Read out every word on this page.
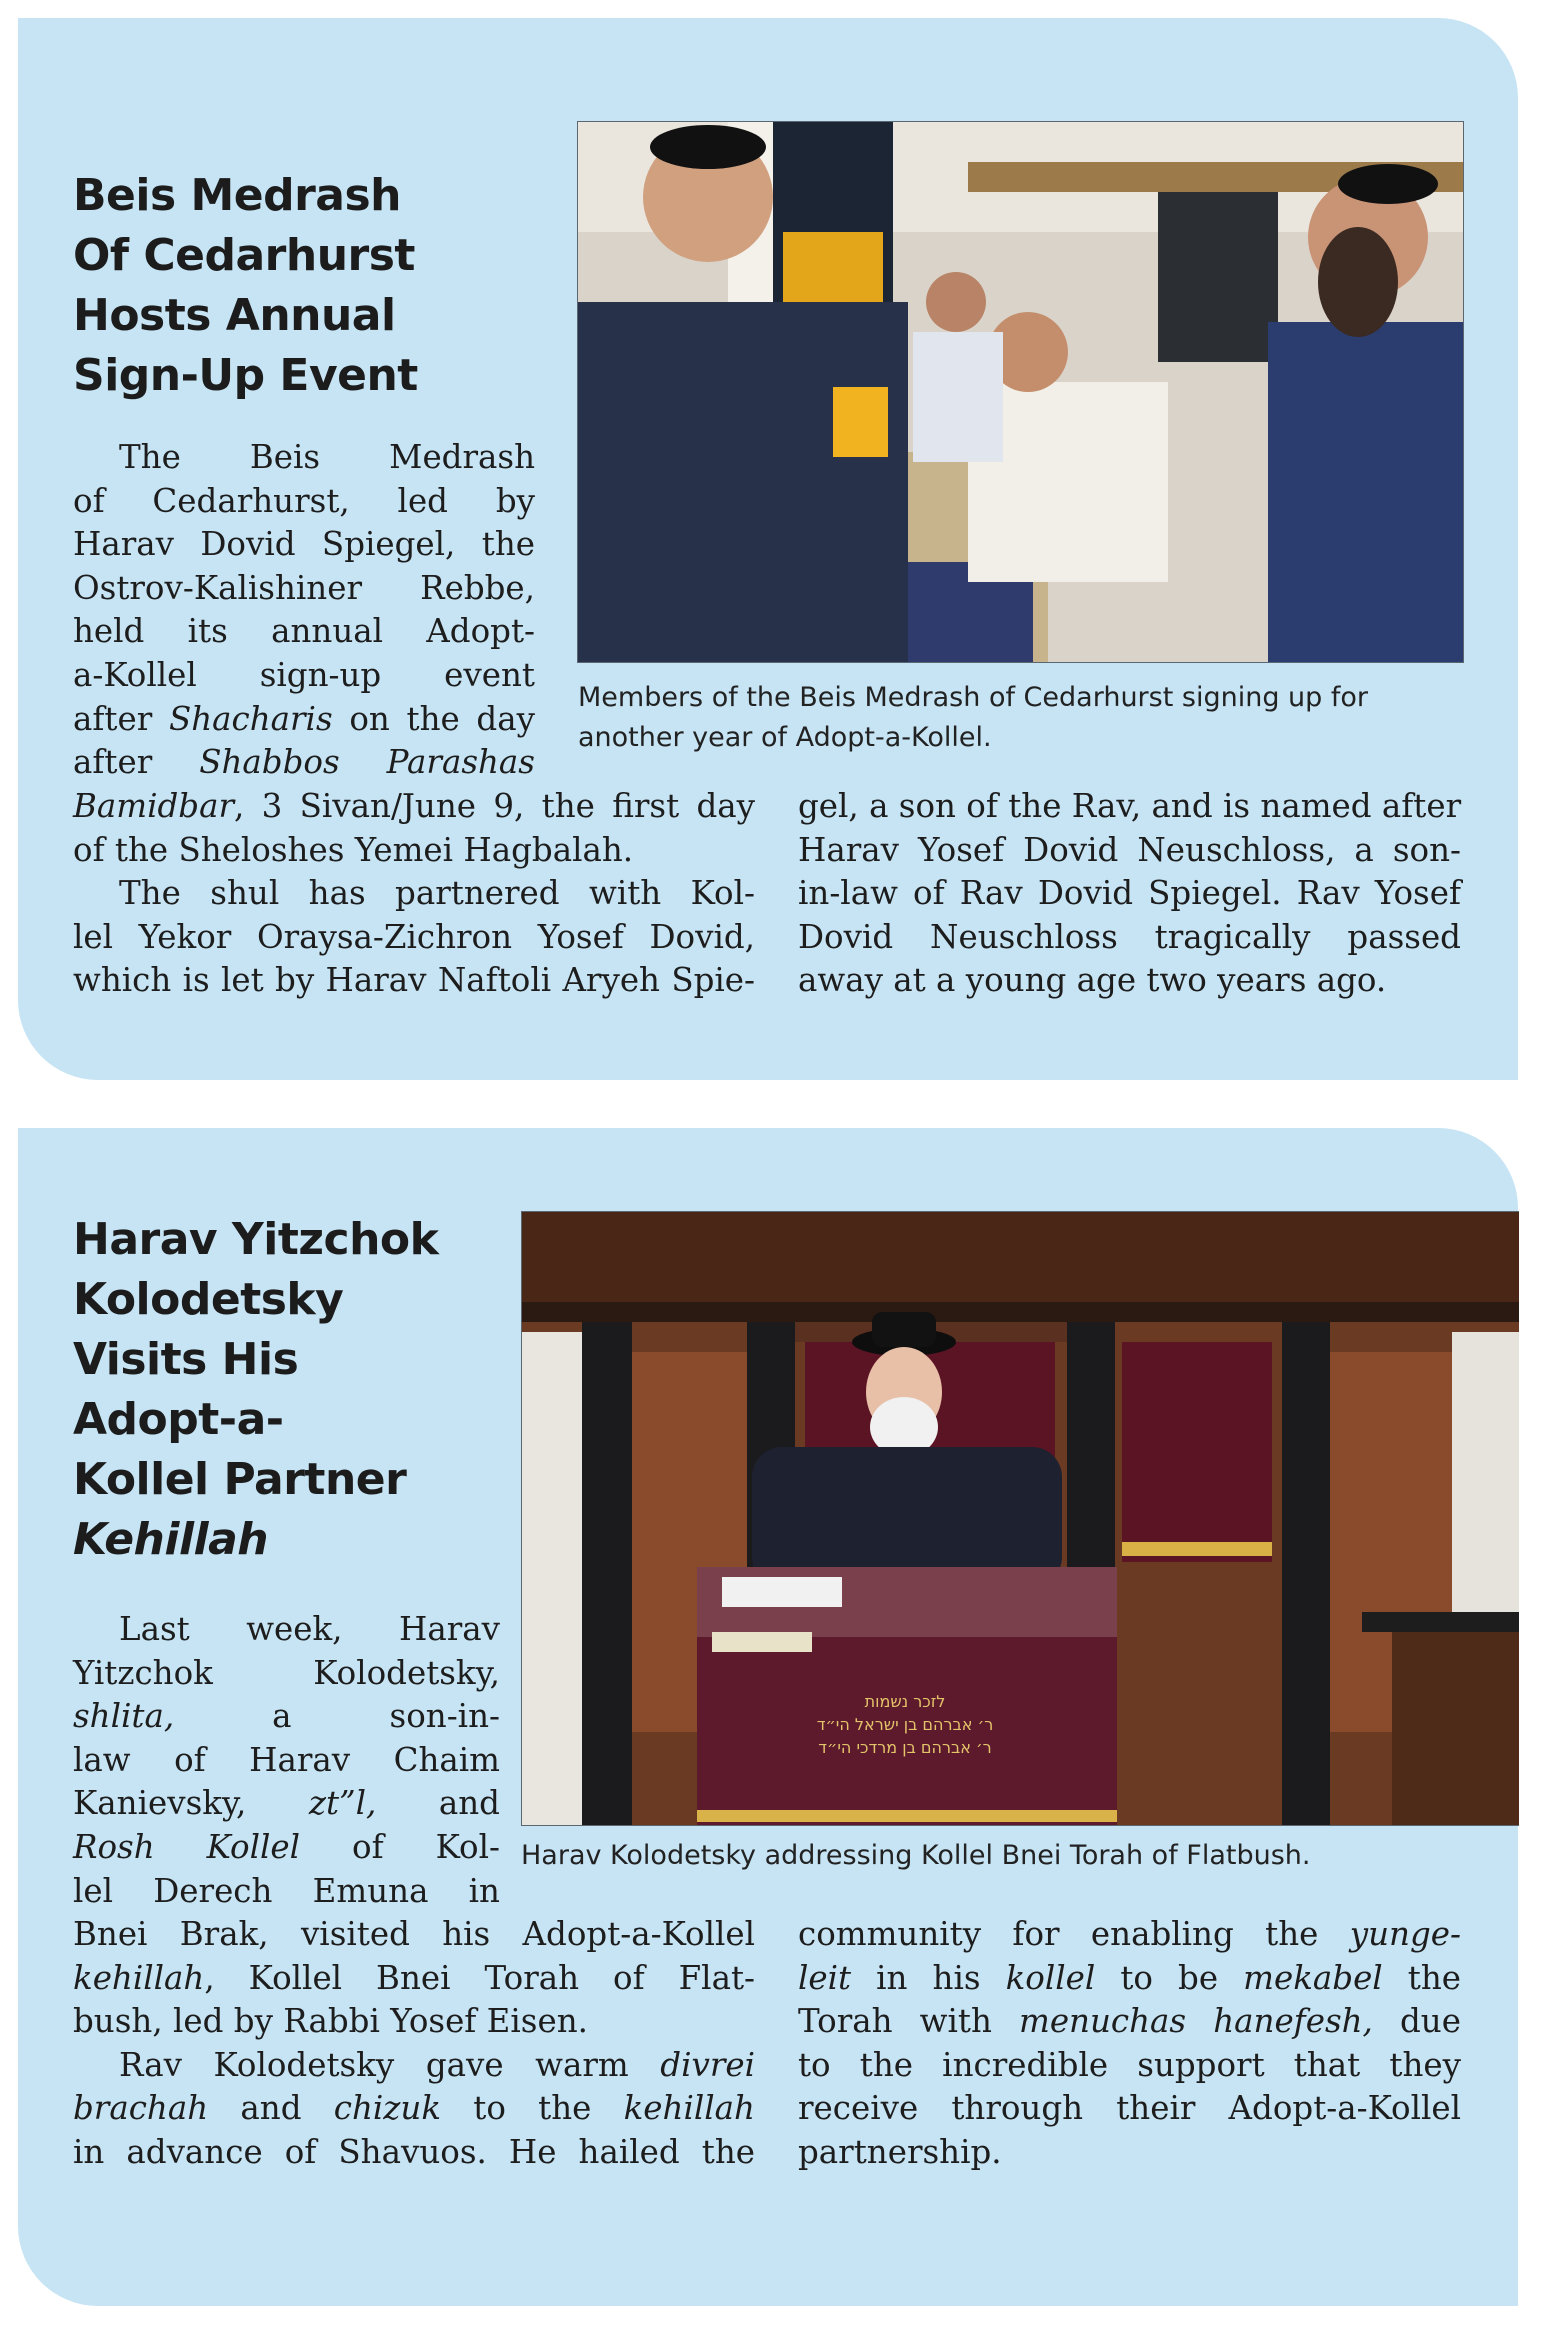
Beis Medrash
Of Cedarhurst
Hosts Annual
Sign-Up Event

Members of the Beis Medrash of Cedarhurst signing up for
another year of Adopt-a-Kollel.

The Beis Medrash
of Cedarhurst, led by
Harav Dovid Spiegel, the
Ostrov-Kalishiner Rebbe,
held its annual Adopt-
a-Kollel sign-up event
after Shacharis on the day
after Shabbos Parashas
Bamidbar, 3 Sivan/June 9, the first day
of the Sheloshes Yemei Hagbalah.
The shul has partnered with Kol-
lel Yekor Oraysa-Zichron Yosef Dovid,
which is let by Harav Naftoli Aryeh Spie-
gel, a son of the Rav, and is named after
Harav Yosef Dovid Neuschloss, a son-
in-law of Rav Dovid Spiegel. Rav Yosef
Dovid Neuschloss tragically passed
away at a young age two years ago.
Harav Yitzchok
Kolodetsky
Visits His
Adopt-a-
Kollel Partner
Kehillah
לזכר נשמות
ר׳ אברהם בן ישראל הי״ד
ר׳ אברהם בן מרדכי הי״ד

Harav Kolodetsky addressing Kollel Bnei Torah of Flatbush.

Last week, Harav
Yitzchok Kolodetsky,
shlita,	a son-in-
law of Harav Chaim
Kanievsky, zt”l, and
Rosh Kollel of Kol-
lel Derech Emuna in
Bnei Brak, visited his Adopt-a-Kollel
kehillah, Kollel Bnei Torah of Flat-
bush, led by Rabbi Yosef Eisen.
Rav Kolodetsky gave warm divrei
brachah and chizuk to the kehillah
in advance of Shavuos. He hailed the
community for enabling the yunge-
leit in his kollel to be mekabel the
Torah with menuchas hanefesh, due
to the incredible support that they
receive through their Adopt-a-Kollel
partnership.
